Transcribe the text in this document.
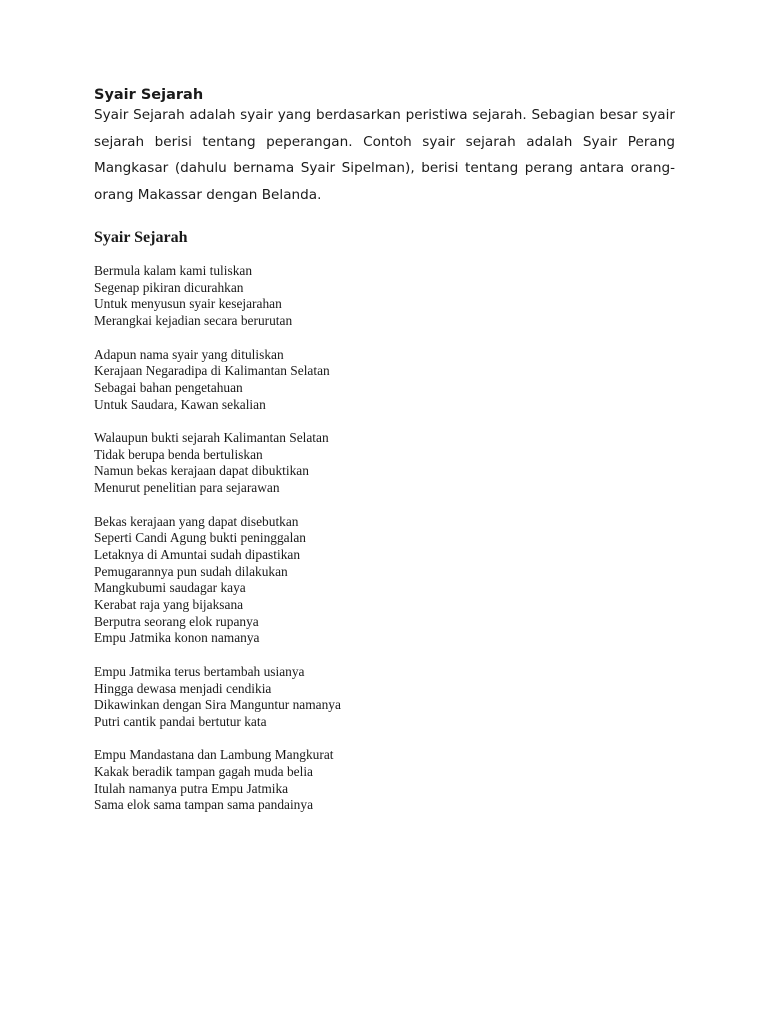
Syair Sejarah

Syair Sejarah adalah syair yang berdasarkan peristiwa sejarah. Sebagian besar syair sejarah berisi tentang peperangan. Contoh syair sejarah adalah Syair Perang Mangkasar (dahulu bernama Syair Sipelman), berisi tentang perang antara orang-orang Makassar dengan Belanda.

Syair Sejarah
Bermula kalam kami tuliskan
Segenap pikiran dicurahkan
Untuk menyusun syair kesejarahan
Merangkai kejadian secara berurutan
Adapun nama syair yang dituliskan
Kerajaan Negaradipa di Kalimantan Selatan
Sebagai bahan pengetahuan
Untuk Saudara, Kawan sekalian
Walaupun bukti sejarah Kalimantan Selatan
Tidak berupa benda bertuliskan
Namun bekas kerajaan dapat dibuktikan
Menurut penelitian para sejarawan
Bekas kerajaan yang dapat disebutkan
Seperti Candi Agung bukti peninggalan
Letaknya di Amuntai sudah dipastikan
Pemugarannya pun sudah dilakukan
Mangkubumi saudagar kaya
Kerabat raja yang bijaksana
Berputra seorang elok rupanya
Empu Jatmika konon namanya
Empu Jatmika terus bertambah usianya
Hingga dewasa menjadi cendikia
Dikawinkan dengan Sira Manguntur namanya
Putri cantik pandai bertutur kata
Empu Mandastana dan Lambung Mangkurat
Kakak beradik tampan gagah muda belia
Itulah namanya putra Empu Jatmika
Sama elok sama tampan sama pandainya
